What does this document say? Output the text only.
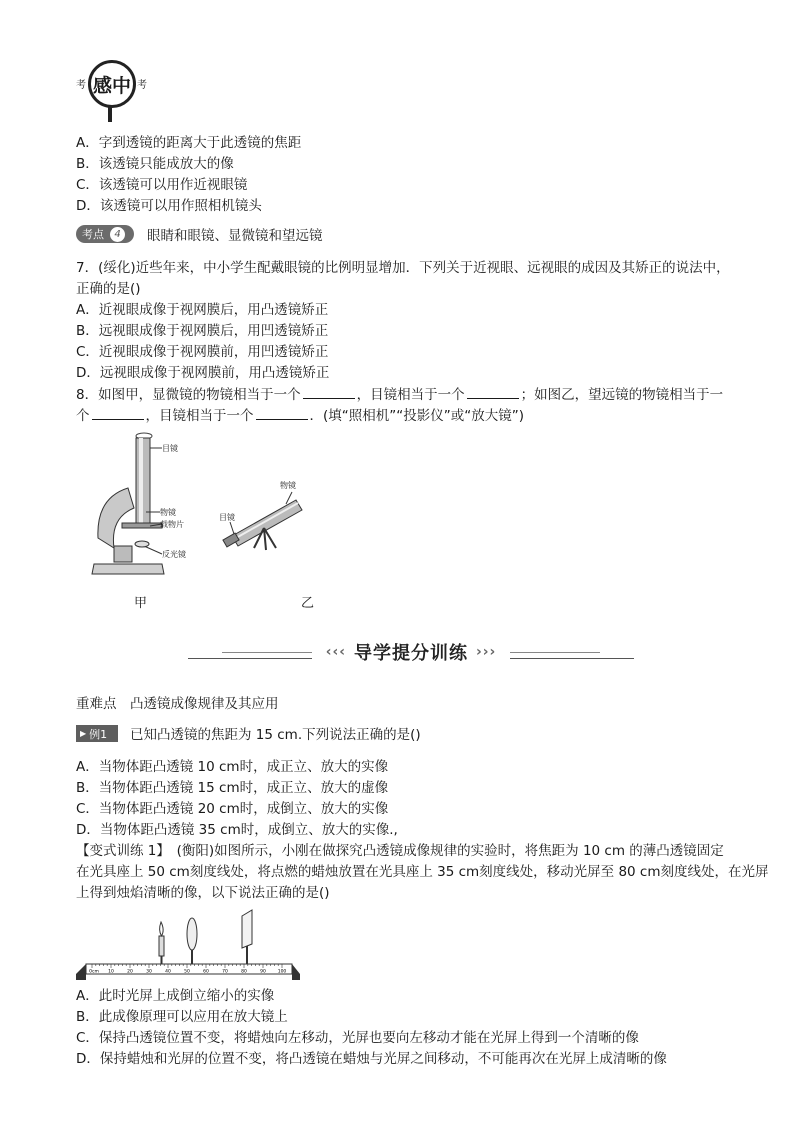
考 感中 考
A．字到透镜的距离大于此透镜的焦距
B．该透镜只能成放大的像
C．该透镜可以用作近视眼镜
D．该透镜可以用作照相机镜头
考点	4	眼睛和眼镜、显微镜和望远镜
7．(绥化)近些年来，中小学生配戴眼镜的比例明显增加．下列关于近视眼、远视眼的成因及其矫正的说法中，
正确的是()
A．近视眼成像于视网膜后，用凸透镜矫正
B．远视眼成像于视网膜后，用凹透镜矫正
C．近视眼成像于视网膜前，用凹透镜矫正
D．远视眼成像于视网膜前，用凸透镜矫正
8．如图甲，显微镜的物镜相当于一个	，目镜相当于一个	；如图乙，望远镜的物镜相当于一
个	，目镜相当于一个	．(填“照相机”“投影仪”或“放大镜”)
目镜
物镜
载物片
反光镜
物镜
目镜
甲	乙
‹‹‹ 导学提分训练 ›››
重难点　凸透镜成像规律及其应用
▶ 例1 已知凸透镜的焦距为 15 cm.下列说法正确的是()
A．当物体距凸透镜 10 cm时，成正立、放大的实像
B．当物体距凸透镜 15 cm时，成正立、放大的虚像
C．当物体距凸透镜 20 cm时，成倒立、放大的实像
D．当物体距凸透镜 35 cm时，成倒立、放大的实像.,
【变式训练 1】　(衡阳)如图所示，小刚在做探究凸透镜成像规律的实验时，将焦距为 10 cm 的薄凸透镜固定
在光具座上 50 cm刻度线处，将点燃的蜡烛放置在光具座上 35 cm刻度线处，移动光屏至 80 cm刻度线处，在光屏
上得到烛焰清晰的像，以下说法正确的是()
0cm 10	20	30	40	50	60	70	80	90	100
A．此时光屏上成倒立缩小的实像
B．此成像原理可以应用在放大镜上
C．保持凸透镜位置不变，将蜡烛向左移动，光屏也要向左移动才能在光屏上得到一个清晰的像
D．保持蜡烛和光屏的位置不变，将凸透镜在蜡烛与光屏之间移动，不可能再次在光屏上成清晰的像
